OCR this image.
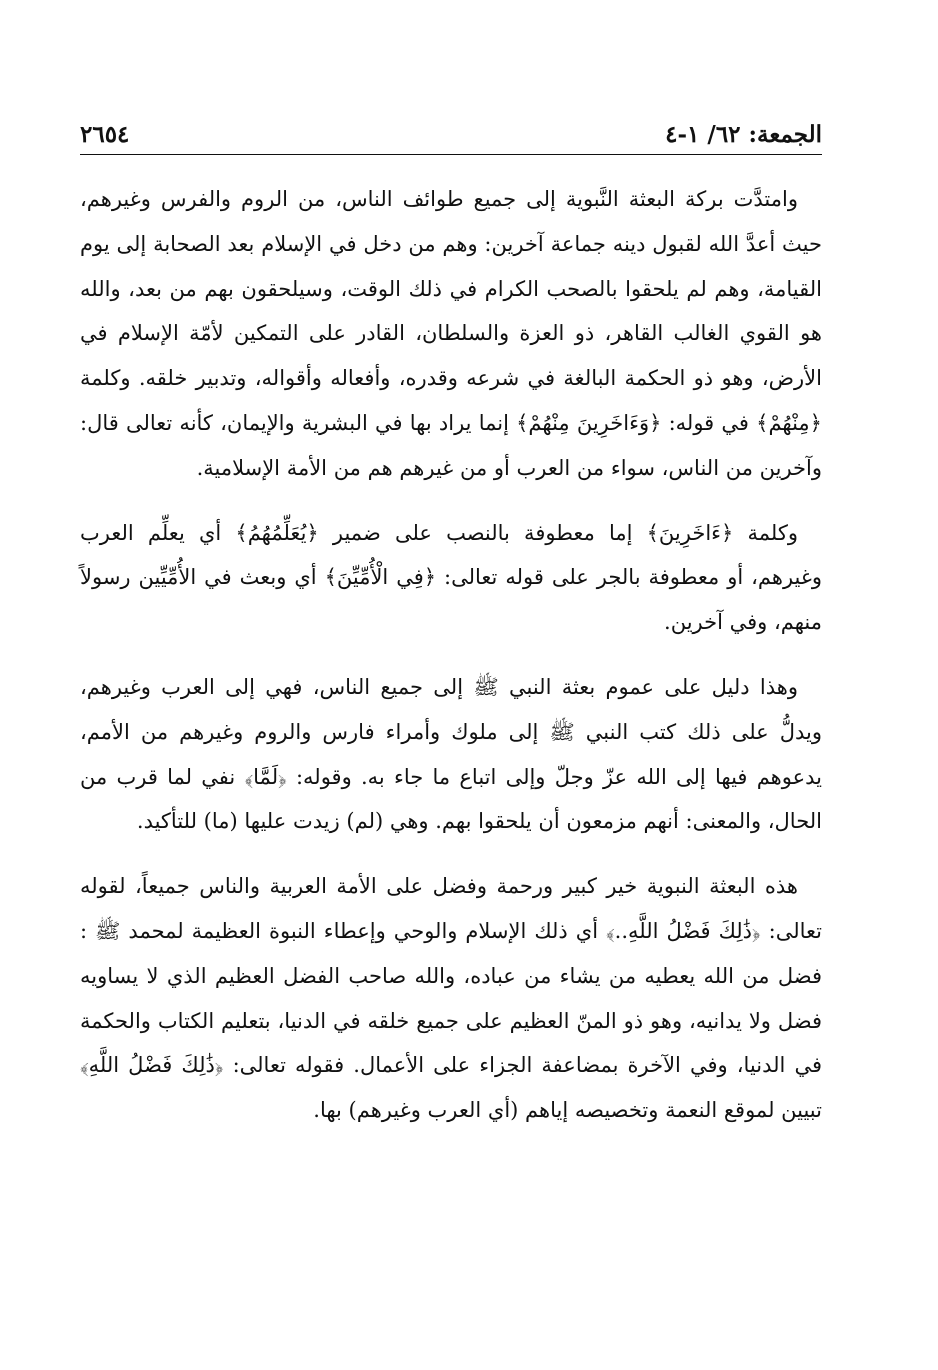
الجمعة: ٦٢/ ١-٤
٢٦٥٤

وامتدَّت بركة البعثة النَّبوية إلى جميع طوائف الناس، من الروم والفرس وغيرهم، حيث أعدَّ الله لقبول دينه جماعة آخرين: وهم من دخل في الإسلام بعد الصحابة إلى يوم القيامة، وهم لم يلحقوا بالصحب الكرام في ذلك الوقت، وسيلحقون بهم من بعد، والله هو القوي الغالب القاهر، ذو العزة والسلطان، القادر على التمكين لأمّة الإسلام في الأرض، وهو ذو الحكمة البالغة في شرعه وقدره، وأفعاله وأقواله، وتدبير خلقه. وكلمة ﴿مِنْهُمْ﴾ في قوله: ﴿وَءَاخَرِينَ مِنْهُمْ﴾ إنما يراد بها في البشرية والإيمان، كأنه تعالى قال: وآخرين من الناس، سواء من العرب أو من غيرهم هم من الأمة الإسلامية.

وكلمة ﴿ءَاخَرِينَ﴾ إما معطوفة بالنصب على ضمير ﴿يُعَلِّمُهُمُ﴾ أي يعلِّم العرب وغيرهم، أو معطوفة بالجر على قوله تعالى: ﴿فِي الْأُمِّيِّنَ﴾ أي وبعث في الأُمِّيِّين رسولاً منهم، وفي آخرين.

وهذا دليل على عموم بعثة النبي ﷺ إلى جميع الناس، فهي إلى العرب وغيرهم، ويدلُّ على ذلك كتب النبي ﷺ إلى ملوك وأمراء فارس والروم وغيرهم من الأمم، يدعوهم فيها إلى الله عزّ وجلّ وإلى اتباع ما جاء به. وقوله: ﴿لَمَّا﴾ نفي لما قرب من الحال، والمعنى: أنهم مزمعون أن يلحقوا بهم. وهي (لم) زيدت عليها (ما) للتأكيد.

هذه البعثة النبوية خير كبير ورحمة وفضل على الأمة العربية والناس جميعاً، لقوله تعالى: ﴿ذَٰلِكَ فَضْلُ اللَّهِ..﴾ أي ذلك الإسلام والوحي وإعطاء النبوة العظيمة لمحمد ﷺ : فضل من الله يعطيه من يشاء من عباده، والله صاحب الفضل العظيم الذي لا يساويه فضل ولا يدانيه، وهو ذو المنّ العظيم على جميع خلقه في الدنيا، بتعليم الكتاب والحكمة في الدنيا، وفي الآخرة بمضاعفة الجزاء على الأعمال. فقوله تعالى: ﴿ذَٰلِكَ فَضْلُ اللَّهِ﴾ تبيين لموقع النعمة وتخصيصه إياهم (أي العرب وغيرهم) بها.
